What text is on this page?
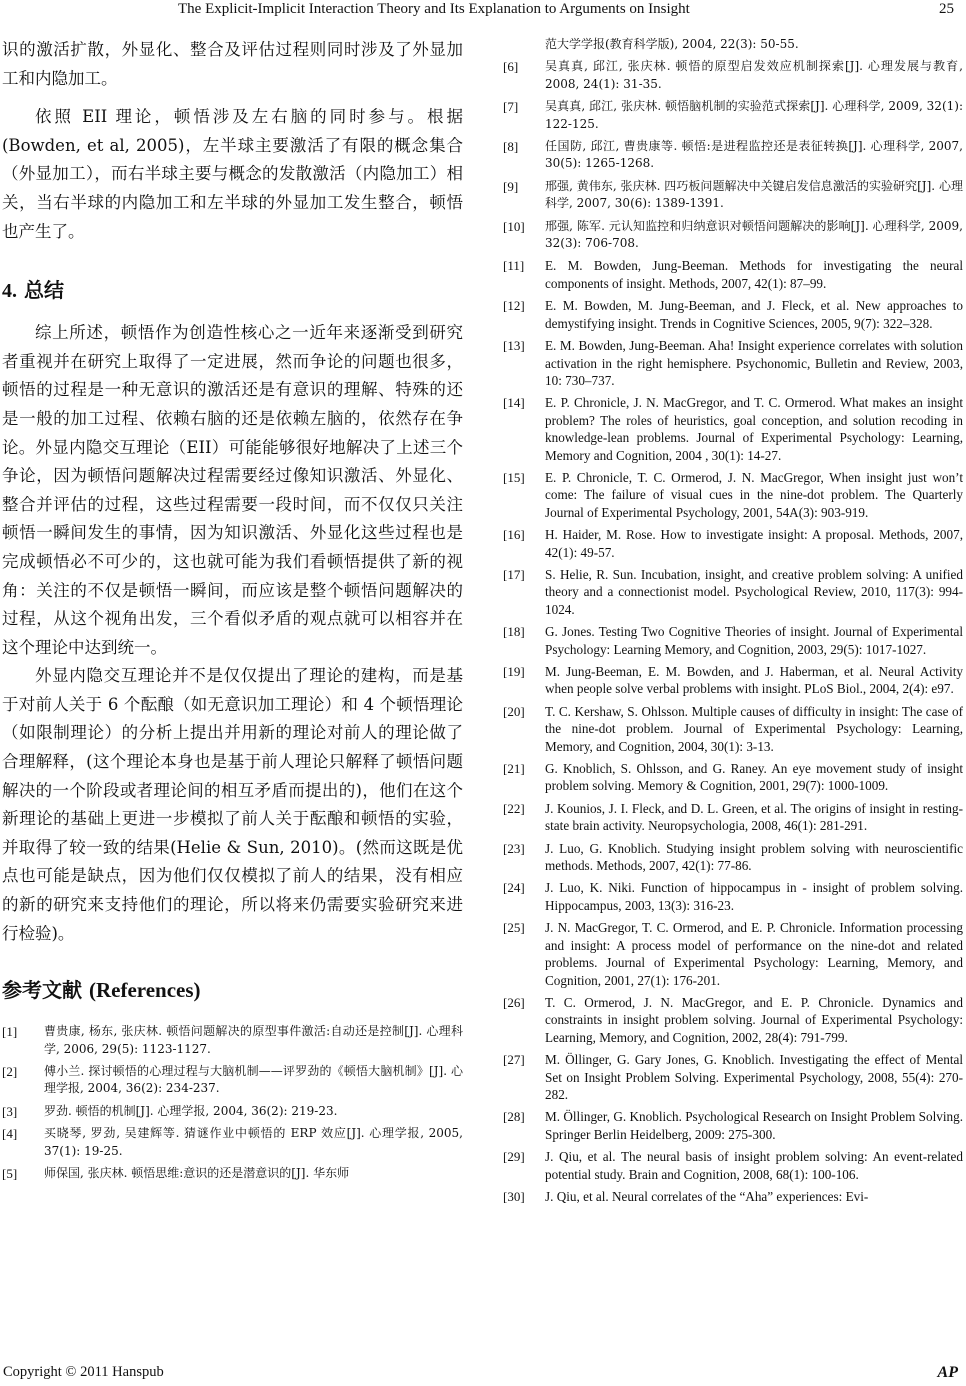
The Explicit-Implicit Interaction Theory and Its Explanation to Arguments on Insight	25

识的激活扩散，外显化、整合及评估过程则同时涉及了外显加工和内隐加工。

依照 EII 理论，顿悟涉及左右脑的同时参与。根据(Bowden, et al, 2005)，左半球主要激活了有限的概念集合（外显加工），而右半球主要与概念的发散激活（内隐加工）相关，当右半球的内隐加工和左半球的外显加工发生整合，顿悟也产生了。

4. 总结

综上所述，顿悟作为创造性核心之一近年来逐渐受到研究者重视并在研究上取得了一定进展，然而争论的问题也很多，顿悟的过程是一种无意识的激活还是有意识的理解、特殊的还是一般的加工过程、依赖右脑的还是依赖左脑的，依然存在争论。外显内隐交互理论（EII）可能能够很好地解决了上述三个争论，因为顿悟问题解决过程需要经过像知识激活、外显化、整合并评估的过程，这些过程需要一段时间，而不仅仅只关注顿悟一瞬间发生的事情，因为知识激活、外显化这些过程也是完成顿悟必不可少的，这也就可能为我们看顿悟提供了新的视角：关注的不仅是顿悟一瞬间，而应该是整个顿悟问题解决的过程，从这个视角出发，三个看似矛盾的观点就可以相容并在这个理论中达到统一。

外显内隐交互理论并不是仅仅提出了理论的建构，而是基于对前人关于 6 个酝酿（如无意识加工理论）和 4 个顿悟理论（如限制理论）的分析上提出并用新的理论对前人的理论做了合理解释，(这个理论本身也是基于前人理论只解释了顿悟问题解决的一个阶段或者理论间的相互矛盾而提出的)，他们在这个新理论的基础上更进一步模拟了前人关于酝酿和顿悟的实验，并取得了较一致的结果(Helie & Sun, 2010)。(然而这既是优点也可能是缺点，因为他们仅仅模拟了前人的结果，没有相应的新的研究来支持他们的理论，所以将来仍需要实验研究来进行检验)。

参考文献 (References)
[1]	曹贵康, 杨东, 张庆林. 顿悟问题解决的原型事件激活:自动还是控制[J]. 心理科学, 2006, 29(5): 1123-1127.
[2]	傅小兰. 探讨顿悟的心理过程与大脑机制——评罗劲的《顿悟大脑机制》[J]. 心理学报, 2004, 36(2): 234-237.
[3]	罗劲. 顿悟的机制[J]. 心理学报, 2004, 36(2): 219-23.
[4]	买晓琴, 罗劲, 吴建辉等. 猜谜作业中顿悟的 ERP 效应[J]. 心理学报, 2005, 37(1): 19-25.
[5]	师保国, 张庆林. 顿悟思维:意识的还是潜意识的[J]. 华东师
范大学学报(教育科学版), 2004, 22(3): 50-55.
[6]	吴真真, 邱江, 张庆林. 顿悟的原型启发效应机制探索[J]. 心理发展与教育, 2008, 24(1): 31-35.
[7]	吴真真, 邱江, 张庆林. 顿悟脑机制的实验范式探索[J]. 心理科学, 2009, 32(1): 122-125.
[8]	任国防, 邱江, 曹贵康等. 顿悟:是进程监控还是表征转换[J]. 心理科学, 2007, 30(5): 1265-1268.
[9]	邢强, 黄伟东, 张庆林. 四巧板问题解决中关键启发信息激活的实验研究[J]. 心理科学, 2007, 30(6): 1389-1391.
[10]	邢强, 陈军. 元认知监控和归纳意识对顿悟问题解决的影响[J]. 心理科学, 2009, 32(3): 706-708.
[11]	E. M. Bowden, Jung-Beeman. Methods for investigating the neural components of insight. Methods, 2007, 42(1): 87–99.
[12]	E. M. Bowden, M. Jung-Beeman, and J. Fleck, et al. New approaches to demystifying insight. Trends in Cognitive Sciences, 2005, 9(7): 322–328.
[13]	E. M. Bowden, Jung-Beeman. Aha! Insight experience correlates with solution activation in the right hemisphere. Psychonomic, Bulletin and Review, 2003, 10: 730–737.
[14]	E. P. Chronicle, J. N. MacGregor, and T. C. Ormerod. What makes an insight problem? The roles of heuristics, goal conception, and solution recoding in knowledge-lean problems. Journal of Experimental Psychology: Learning, Memory and Cognition, 2004 , 30(1): 14-27.
[15]	E. P. Chronicle, T. C. Ormerod, J. N. MacGregor, When insight just won’t come: The failure of visual cues in the nine-dot problem. The Quarterly Journal of Experimental Psychology, 2001, 54A(3): 903-919.
[16]	H. Haider, M. Rose. How to investigate insight: A proposal. Methods, 2007, 42(1): 49-57.
[17]	S. Helie, R. Sun. Incubation, insight, and creative problem solving: A unified theory and a connectionist model. Psychological Review, 2010, 117(3): 994-1024.
[18]	G. Jones. Testing Two Cognitive Theories of insight. Journal of Experimental Psychology: Learning Memory, and Cognition, 2003, 29(5): 1017-1027.
[19]	M. Jung-Beeman, E. M. Bowden, and J. Haberman, et al. Neural Activity when people solve verbal problems with insight. PLoS Biol., 2004, 2(4): e97.
[20]	T. C. Kershaw, S. Ohlsson. Multiple causes of difficulty in insight: The case of the nine-dot problem. Journal of Experimental Psychology: Learning, Memory, and Cognition, 2004, 30(1): 3-13.
[21]	G. Knoblich, S. Ohlsson, and G. Raney. An eye movement study of insight problem solving. Memory & Cognition, 2001, 29(7): 1000-1009.
[22]	J. Kounios, J. I. Fleck, and D. L. Green, et al. The origins of insight in resting-state brain activity. Neuropsychologia, 2008, 46(1): 281-291.
[23]	J. Luo, G. Knoblich. Studying insight problem solving with neuroscientific methods. Methods, 2007, 42(1): 77-86.
[24]	J. Luo, K. Niki. Function of hippocampus in - insight of problem solving. Hippocampus, 2003, 13(3): 316-23.
[25]	J. N. MacGregor, T. C. Ormerod, and E. P. Chronicle. Information processing and insight: A process model of performance on the nine-dot and related problems. Journal of Experimental Psychology: Learning, Memory, and Cognition, 2001, 27(1): 176-201.
[26]	T. C. Ormerod, J. N. MacGregor, and E. P. Chronicle. Dynamics and constraints in insight problem solving. Journal of Experimental Psychology: Learning, Memory, and Cognition, 2002, 28(4): 791-799.
[27]	M. Öllinger, G. Gary Jones, G. Knoblich. Investigating the effect of Mental Set on Insight Problem Solving. Experimental Psychology, 2008, 55(4): 270-282.
[28]	M. Öllinger, G. Knoblich. Psychological Research on Insight Problem Solving. Springer Berlin Heidelberg, 2009: 275-300.
[29]	J. Qiu, et al. The neural basis of insight problem solving: An event-related potential study. Brain and Cognition, 2008, 68(1): 100-106.
[30]	J. Qiu, et al. Neural correlates of the “Aha” experiences: Evi-
Copyright © 2011 Hanspub	AP
